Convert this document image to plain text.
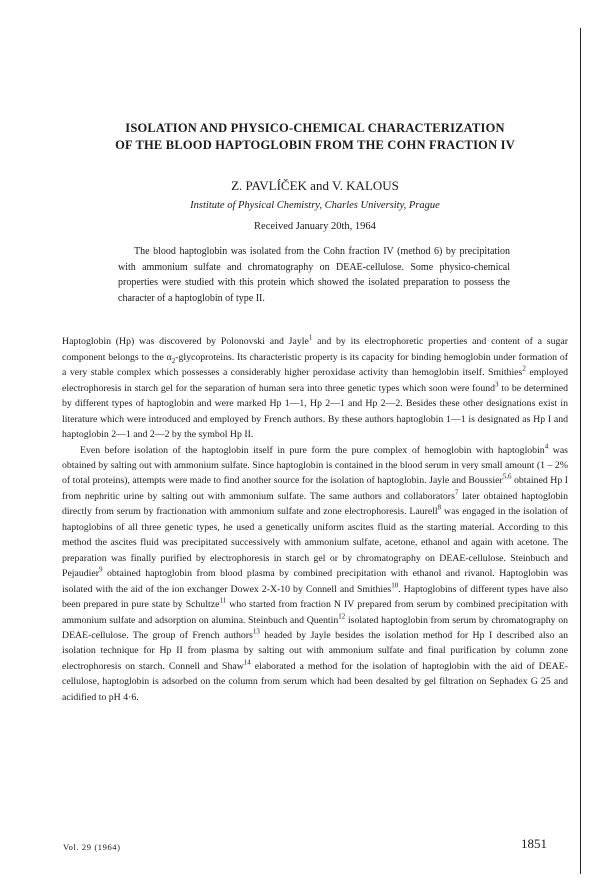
ISOLATION AND PHYSICO-CHEMICAL CHARACTERIZATION
OF THE BLOOD HAPTOGLOBIN FROM THE COHN FRACTION IV

Z. PAVLÍČEK and V. KALOUS

Institute of Physical Chemistry, Charles University, Prague

Received January 20th, 1964

The blood haptoglobin was isolated from the Cohn fraction IV (method 6) by precipitation with ammonium sulfate and chromatography on DEAE-cellulose. Some physico-chemical properties were studied with this protein which showed the isolated preparation to possess the character of a haptoglobin of type II.

Haptoglobin (Hp) was discovered by Polonovski and Jayle$^1$ and by its electrophoretic properties and content of a sugar component belongs to the $\alpha_2$-glycoproteins. Its characteristic property is its capacity for binding hemoglobin under formation of a very stable complex which possesses a considerably higher peroxidase activity than hemoglobin itself. Smithies$^2$ employed electrophoresis in starch gel for the separation of human sera into three genetic types which soon were found$^3$ to be determined by different types of haptoglobin and were marked Hp 1—1, Hp 2—1 and Hp 2—2. Besides these other designations exist in literature which were introduced and employed by French authors. By these authors haptoglobin 1—1 is designated as Hp I and haptoglobin 2—1 and 2—2 by the symbol Hp II.

Even before isolation of the haptoglobin itself in pure form the pure complex of hemoglobin with haptoglobin$^4$ was obtained by salting out with ammonium sulfate. Since haptoglobin is contained in the blood serum in very small amount (1 – 2% of total proteins), attempts were made to find another source for the isolation of haptoglobin. Jayle and Boussier$^{5,6}$ obtained Hp I from nephritic urine by salting out with ammonium sulfate. The same authors and collaborators$^7$ later obtained haptoglobin directly from serum by fractionation with ammonium sulfate and zone electrophoresis. Laurell$^8$ was engaged in the isolation of haptoglobins of all three genetic types, he used a genetically uniform ascites fluid as the starting material. According to this method the ascites fluid was precipitated successively with ammonium sulfate, acetone, ethanol and again with acetone. The preparation was finally purified by electrophoresis in starch gel or by chromatography on DEAE-cellulose. Steinbuch and Pejaudier$^9$ obtained haptoglobin from blood plasma by combined precipitation with ethanol and rivanol. Haptoglobin was isolated with the aid of the ion exchanger Dowex 2-X-10 by Connell and Smithies$^{10}$. Haptoglobins of different types have also been prepared in pure state by Schultze$^{11}$ who started from fraction N IV prepared from serum by combined precipitation with ammonium sulfate and adsorption on alumina. Steinbuch and Quentin$^{12}$ isolated haptoglobin from serum by chromatography on DEAE-cellulose. The group of French authors$^{13}$ headed by Jayle besides the isolation method for Hp I described also an isolation technique for Hp II from plasma by salting out with ammonium sulfate and final purification by column zone electrophoresis on starch. Connell and Shaw$^{14}$ elaborated a method for the isolation of haptoglobin with the aid of DEAE-cellulose, haptoglobin is adsorbed on the column from serum which had been desalted by gel filtration on Sephadex G 25 and acidified to pH 4·6.

Vol. 29 (1964)	1851
